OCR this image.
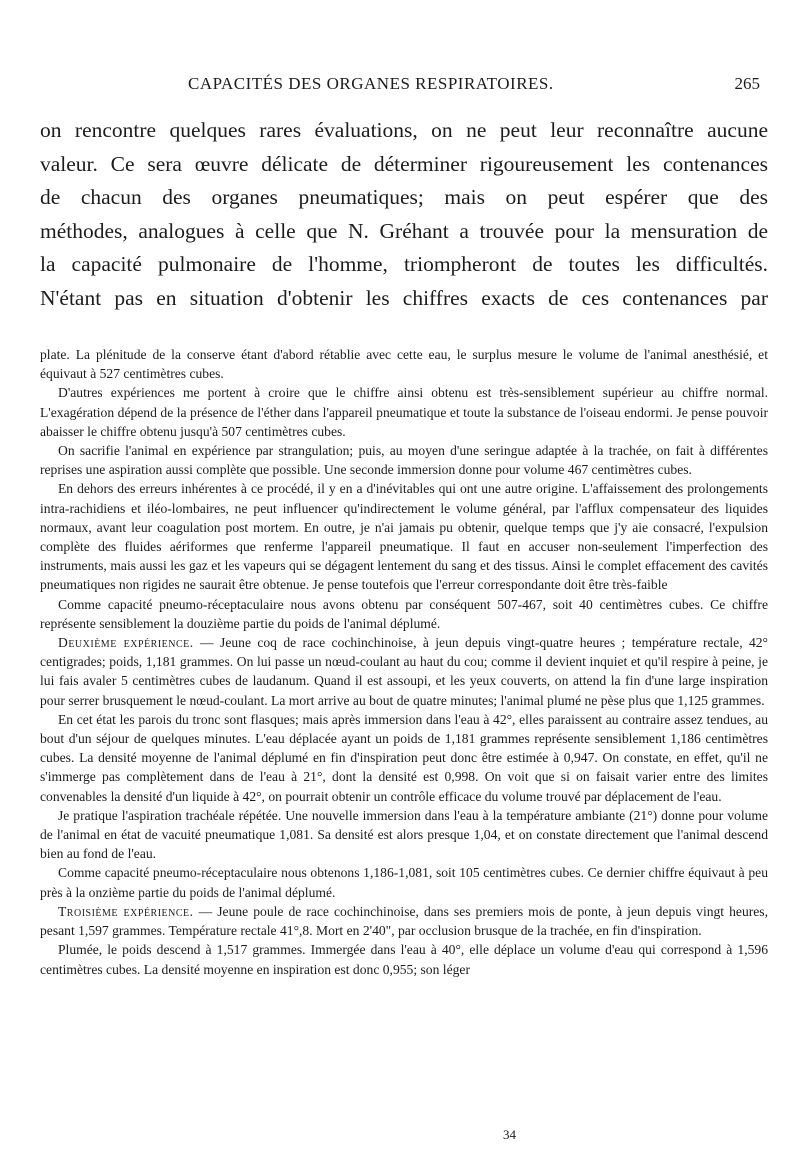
CAPACITÉS DES ORGANES RESPIRATOIRES.	265

on rencontre quelques rares évaluations, on ne peut leur reconnaître aucune

valeur. Ce sera œuvre délicate de déterminer rigoureusement les contenances

de chacun des organes pneumatiques; mais on peut espérer que des

méthodes, analogues à celle que N. Gréhant a trouvée pour la mensuration de

la capacité pulmonaire de l'homme, triompheront de toutes les difficultés.

N'étant pas en situation d'obtenir les chiffres exacts de ces contenances par

plate. La plénitude de la conserve étant d'abord rétablie avec cette eau, le surplus mesure le volume de l'animal anesthésié, et équivaut à 527 centimètres cubes.

D'autres expériences me portent à croire que le chiffre ainsi obtenu est très-sensiblement supérieur au chiffre normal. L'exagération dépend de la présence de l'éther dans l'appareil pneumatique et toute la substance de l'oiseau endormi. Je pense pouvoir abaisser le chiffre obtenu jusqu'à 507 centimètres cubes.

On sacrifie l'animal en expérience par strangulation; puis, au moyen d'une seringue adaptée à la trachée, on fait à différentes reprises une aspiration aussi complète que possible. Une seconde immersion donne pour volume 467 centimètres cubes.

En dehors des erreurs inhérentes à ce procédé, il y en a d'inévitables qui ont une autre origine. L'affaissement des prolongements intra-rachidiens et iléo-lombaires, ne peut influencer qu'indirectement le volume général, par l'afflux compensateur des liquides normaux, avant leur coagulation post mortem. En outre, je n'ai jamais pu obtenir, quelque temps que j'y aie consacré, l'expulsion complète des fluides aériformes que renferme l'appareil pneumatique. Il faut en accuser non-seulement l'imperfection des instruments, mais aussi les gaz et les vapeurs qui se dégagent lentement du sang et des tissus. Ainsi le complet effacement des cavités pneumatiques non rigides ne saurait être obtenue. Je pense toutefois que l'erreur correspondante doit être très-faible

Comme capacité pneumo-réceptaculaire nous avons obtenu par conséquent 507-467, soit 40 centimètres cubes. Ce chiffre représente sensiblement la douzième partie du poids de l'animal déplumé.

Deuxième expérience. — Jeune coq de race cochinchinoise, à jeun depuis vingt-quatre heures ; température rectale, 42° centigrades; poids, 1,181 grammes. On lui passe un nœud-coulant au haut du cou; comme il devient inquiet et qu'il respire à peine, je lui fais avaler 5 centimètres cubes de laudanum. Quand il est assoupi, et les yeux couverts, on attend la fin d'une large inspiration pour serrer brusquement le nœud-coulant. La mort arrive au bout de quatre minutes; l'animal plumé ne pèse plus que 1,125 grammes.

En cet état les parois du tronc sont flasques; mais après immersion dans l'eau à 42°, elles paraissent au contraire assez tendues, au bout d'un séjour de quelques minutes. L'eau déplacée ayant un poids de 1,181 grammes représente sensiblement 1,186 centimètres cubes. La densité moyenne de l'animal déplumé en fin d'inspiration peut donc être estimée à 0,947. On constate, en effet, qu'il ne s'immerge pas complètement dans de l'eau à 21°, dont la densité est 0,998. On voit que si on faisait varier entre des limites convenables la densité d'un liquide à 42°, on pourrait obtenir un contrôle efficace du volume trouvé par déplacement de l'eau.

Je pratique l'aspiration trachéale répétée. Une nouvelle immersion dans l'eau à la température ambiante (21°) donne pour volume de l'animal en état de vacuité pneumatique 1,081. Sa densité est alors presque 1,04, et on constate directement que l'animal descend bien au fond de l'eau.

Comme capacité pneumo-réceptaculaire nous obtenons 1,186-1,081, soit 105 centimètres cubes. Ce dernier chiffre équivaut à peu près à la onzième partie du poids de l'animal déplumé.

Troisième expérience. — Jeune poule de race cochinchinoise, dans ses premiers mois de ponte, à jeun depuis vingt heures, pesant 1,597 grammes. Température rectale 41°,8. Mort en 2'40", par occlusion brusque de la trachée, en fin d'inspiration.

Plumée, le poids descend à 1,517 grammes. Immergée dans l'eau à 40°, elle déplace un volume d'eau qui correspond à 1,596 centimètres cubes. La densité moyenne en inspiration est donc 0,955; son léger

34
